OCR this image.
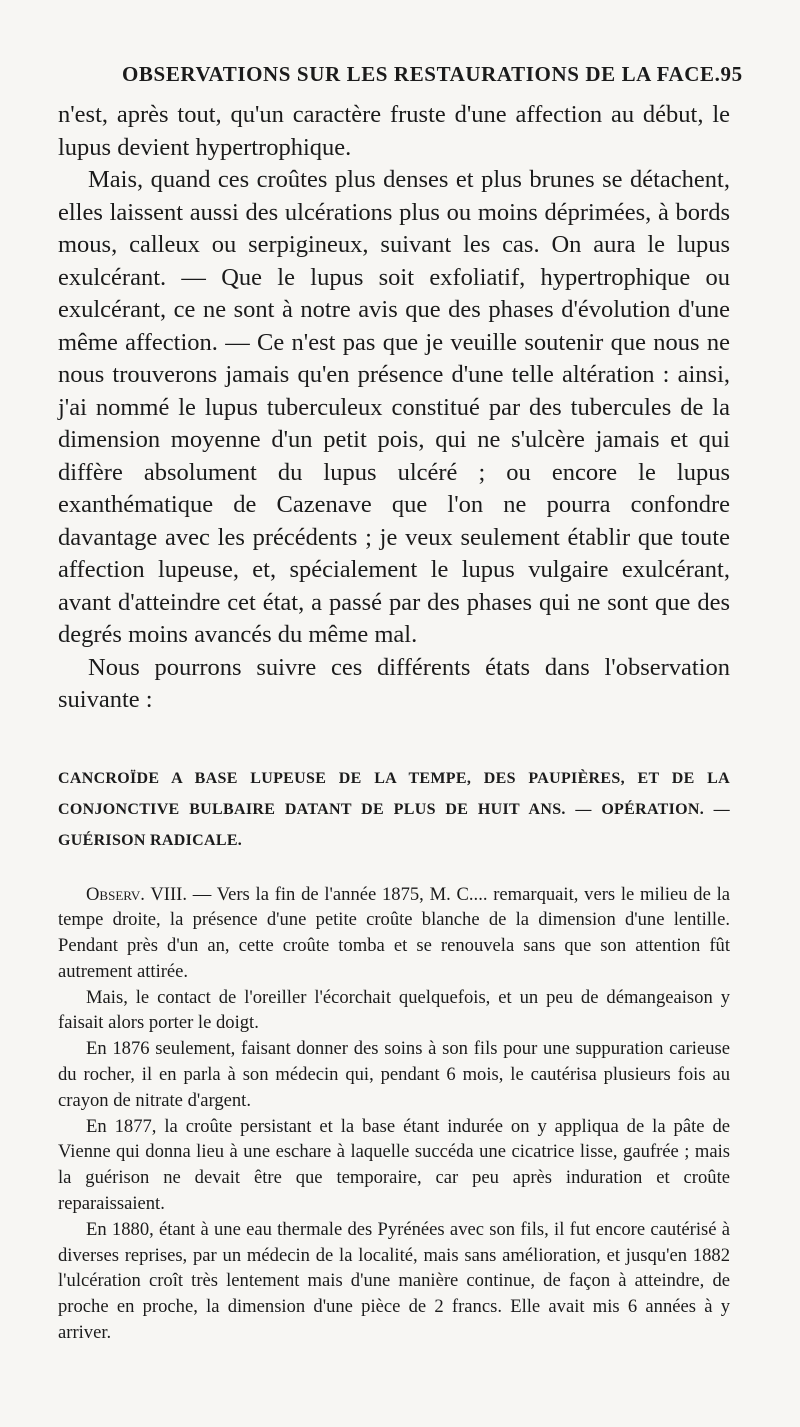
OBSERVATIONS SUR LES RESTAURATIONS DE LA FACE. 95

n'est, après tout, qu'un caractère fruste d'une affection au début, le lupus devient hypertrophique.

Mais, quand ces croûtes plus denses et plus brunes se détachent, elles laissent aussi des ulcérations plus ou moins déprimées, à bords mous, calleux ou serpigineux, suivant les cas. On aura le lupus exulcérant. — Que le lupus soit exfoliatif, hypertrophique ou exulcérant, ce ne sont à notre avis que des phases d'évolution d'une même affection. — Ce n'est pas que je veuille soutenir que nous ne nous trouverons jamais qu'en présence d'une telle altération : ainsi, j'ai nommé le lupus tuberculeux constitué par des tubercules de la dimension moyenne d'un petit pois, qui ne s'ulcère jamais et qui diffère absolument du lupus ulcéré ; ou encore le lupus exanthématique de Cazenave que l'on ne pourra confondre davantage avec les précédents ; je veux seulement établir que toute affection lupeuse, et, spécialement le lupus vulgaire exulcérant, avant d'atteindre cet état, a passé par des phases qui ne sont que des degrés moins avancés du même mal.

Nous pourrons suivre ces différents états dans l'observation suivante :

CANCROÏDE A BASE LUPEUSE DE LA TEMPE, DES PAUPIÈRES, ET DE LA CONJONCTIVE BULBAIRE DATANT DE PLUS DE HUIT ANS. — OPÉRATION. — GUÉRISON RADICALE.

Observ. VIII. — Vers la fin de l'année 1875, M. C.... remarquait, vers le milieu de la tempe droite, la présence d'une petite croûte blanche de la dimension d'une lentille. Pendant près d'un an, cette croûte tomba et se renouvela sans que son attention fût autrement attirée.

Mais, le contact de l'oreiller l'écorchait quelquefois, et un peu de démangeaison y faisait alors porter le doigt.

En 1876 seulement, faisant donner des soins à son fils pour une suppuration carieuse du rocher, il en parla à son médecin qui, pendant 6 mois, le cautérisa plusieurs fois au crayon de nitrate d'argent.

En 1877, la croûte persistant et la base étant indurée on y appliqua de la pâte de Vienne qui donna lieu à une eschare à laquelle succéda une cicatrice lisse, gaufrée ; mais la guérison ne devait être que temporaire, car peu après induration et croûte reparaissaient.

En 1880, étant à une eau thermale des Pyrénées avec son fils, il fut encore cautérisé à diverses reprises, par un médecin de la localité, mais sans amélioration, et jusqu'en 1882 l'ulcération croît très lentement mais d'une manière continue, de façon à atteindre, de proche en proche, la dimension d'une pièce de 2 francs. Elle avait mis 6 années à y arriver.
